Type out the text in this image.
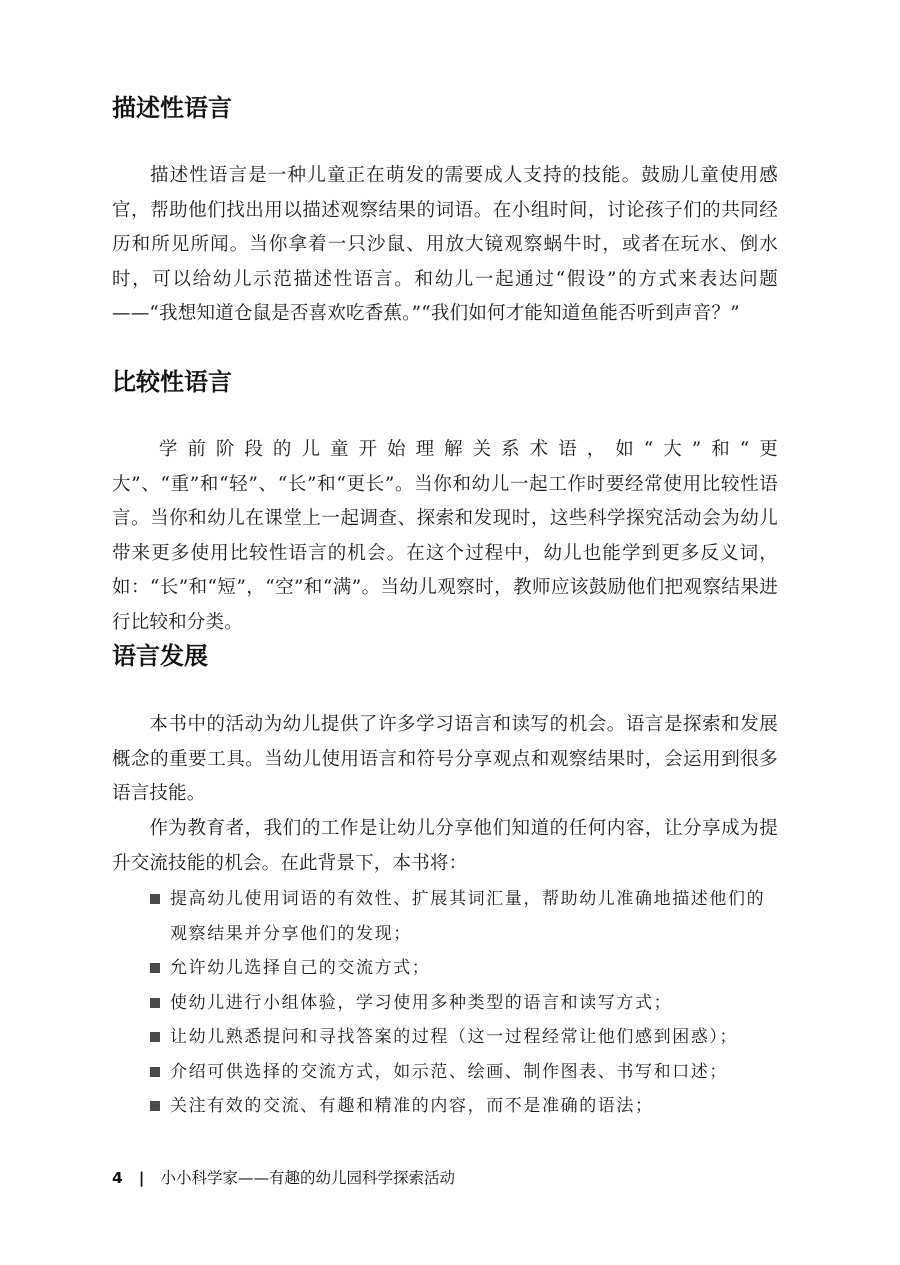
描述性语言

描述性语言是一种儿童正在萌发的需要成人支持的技能。鼓励儿童使用感官，帮助他们找出用以描述观察结果的词语。在小组时间，讨论孩子们的共同经历和所见所闻。当你拿着一只沙鼠、用放大镜观察蜗牛时，或者在玩水、倒水时，可以给幼儿示范描述性语言。和幼儿一起通过“假设”的方式来表达问题——“我想知道仓鼠是否喜欢吃香蕉。”“我们如何才能知道鱼能否听到声音？”

比较性语言

学前阶段的儿童开始理解关系术语，如“大”和“更大”、“重”和“轻”、“长”和“更长”。当你和幼儿一起工作时要经常使用比较性语言。当你和幼儿在课堂上一起调查、探索和发现时，这些科学探究活动会为幼儿带来更多使用比较性语言的机会。在这个过程中，幼儿也能学到更多反义词，如：“长”和“短”，“空”和“满”。当幼儿观察时，教师应该鼓励他们把观察结果进行比较和分类。

语言发展

本书中的活动为幼儿提供了许多学习语言和读写的机会。语言是探索和发展概念的重要工具。当幼儿使用语言和符号分享观点和观察结果时，会运用到很多语言技能。

作为教育者，我们的工作是让幼儿分享他们知道的任何内容，让分享成为提升交流技能的机会。在此背景下，本书将：

提高幼儿使用词语的有效性、扩展其词汇量，帮助幼儿准确地描述他们的观察结果并分享他们的发现；
允许幼儿选择自己的交流方式；
使幼儿进行小组体验，学习使用多种类型的语言和读写方式；
让幼儿熟悉提问和寻找答案的过程（这一过程经常让他们感到困惑）；
介绍可供选择的交流方式，如示范、绘画、制作图表、书写和口述；
关注有效的交流、有趣和精准的内容，而不是准确的语法；
4 | 小小科学家——有趣的幼儿园科学探索活动
